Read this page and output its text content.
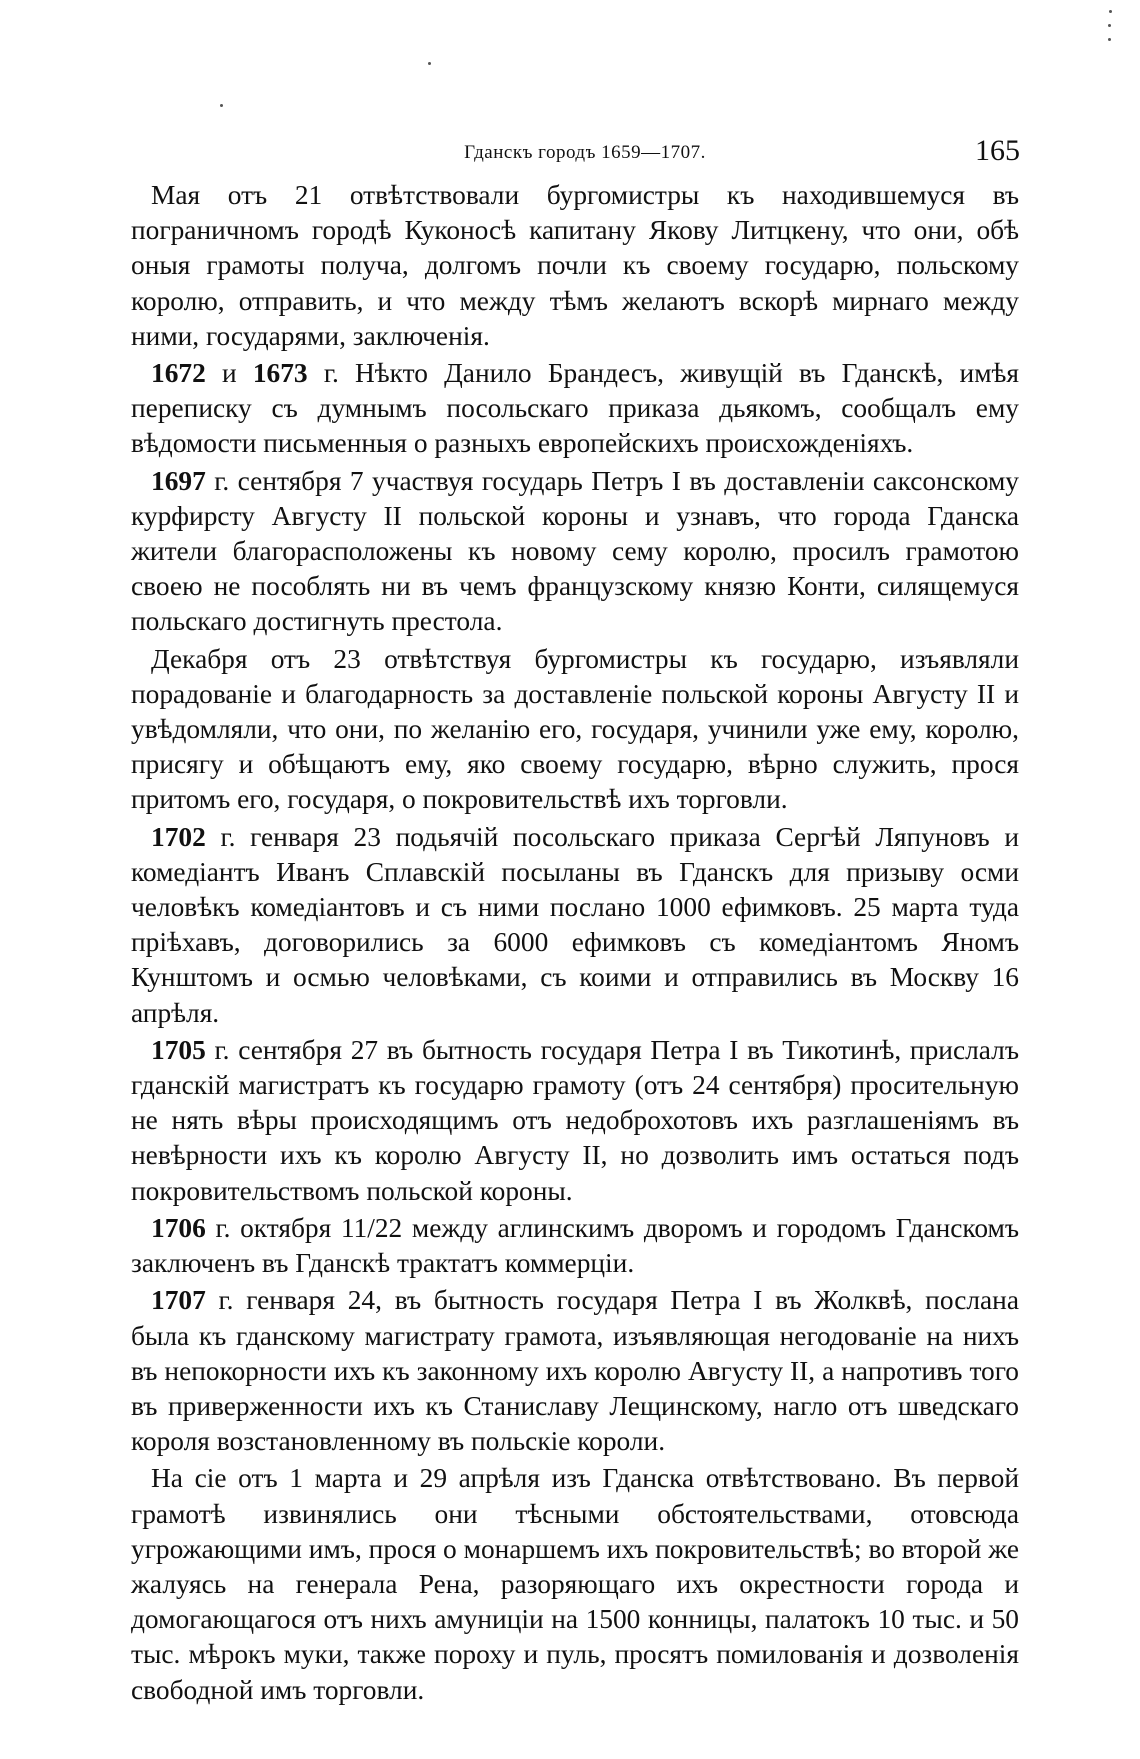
Гданскъ городъ 1659—1707.	165

Мая отъ 21 отвѣтствовали бургомистры къ находившемуся въ пограничномъ городѣ Куконосѣ капитану Якову Литцкену, что они, обѣ оныя грамоты получа, долгомъ почли къ своему государю, польскому королю, отправить, и что между тѣмъ желаютъ вскорѣ мирнаго между ними, государями, заключенія.

1672 и 1673 г. Нѣкто Данило Брандесъ, живущій въ Гданскѣ, имѣя переписку съ думнымъ посольскаго приказа дьякомъ, сообщалъ ему вѣдомости письменныя о разныхъ европейскихъ происхожденіяхъ.

1697 г. сентября 7 участвуя государь Петръ I въ доставленіи саксонскому курфирсту Августу II польской короны и узнавъ, что города Гданска жители благорасположены къ новому сему королю, просилъ грамотою своею не пособлять ни въ чемъ французскому князю Конти, силящемуся польскаго достигнуть престола.

Декабря отъ 23 отвѣтствуя бургомистры къ государю, изъявляли порадованіе и благодарность за доставленіе польской короны Августу II и увѣдомляли, что они, по желанію его, государя, учинили уже ему, королю, присягу и обѣщаютъ ему, яко своему государю, вѣрно служить, прося притомъ его, государя, о покровительствѣ ихъ торговли.

1702 г. генваря 23 подьячій посольскаго приказа Сергѣй Ляпуновъ и комедіантъ Иванъ Сплавскій посыланы въ Гданскъ для призыву осми человѣкъ комедіантовъ и съ ними послано 1000 ефимковъ. 25 марта туда пріѣхавъ, договорились за 6000 ефимковъ съ комедіантомъ Яномъ Кунштомъ и осмью человѣками, съ коими и отправились въ Москву 16 апрѣля.

1705 г. сентября 27 въ бытность государя Петра I въ Тикотинѣ, прислалъ гданскій магистратъ къ государю грамоту (отъ 24 сентября) просительную не нять вѣры происходящимъ отъ недоброхотовъ ихъ разглашеніямъ въ невѣрности ихъ къ королю Августу II, но дозволить имъ остаться подъ покровительствомъ польской короны.

1706 г. октября 11/22 между аглинскимъ дворомъ и городомъ Гданскомъ заключенъ въ Гданскѣ трактатъ коммерціи.

1707 г. генваря 24, въ бытность государя Петра I въ Жолквѣ, послана была къ гданскому магистрату грамота, изъявляющая негодованіе на нихъ въ непокорности ихъ къ законному ихъ королю Августу II, а напротивъ того въ приверженности ихъ къ Станиславу Лещинскому, нагло отъ шведскаго короля возстановленному въ польскіе короли.

На сіе отъ 1 марта и 29 апрѣля изъ Гданска отвѣтствовано. Въ первой грамотѣ извинялись они тѣсными обстоятельствами, отовсюда угрожающими имъ, прося о монаршемъ ихъ покровительствѣ; во второй же жалуясь на генерала Рена, разоряющаго ихъ окрестности города и домогающагося отъ нихъ амуниціи на 1500 конницы, палатокъ 10 тыс. и 50 тыс. мѣрокъ муки, также пороху и пуль, просятъ помилованія и дозволенія свободной имъ торговли.
